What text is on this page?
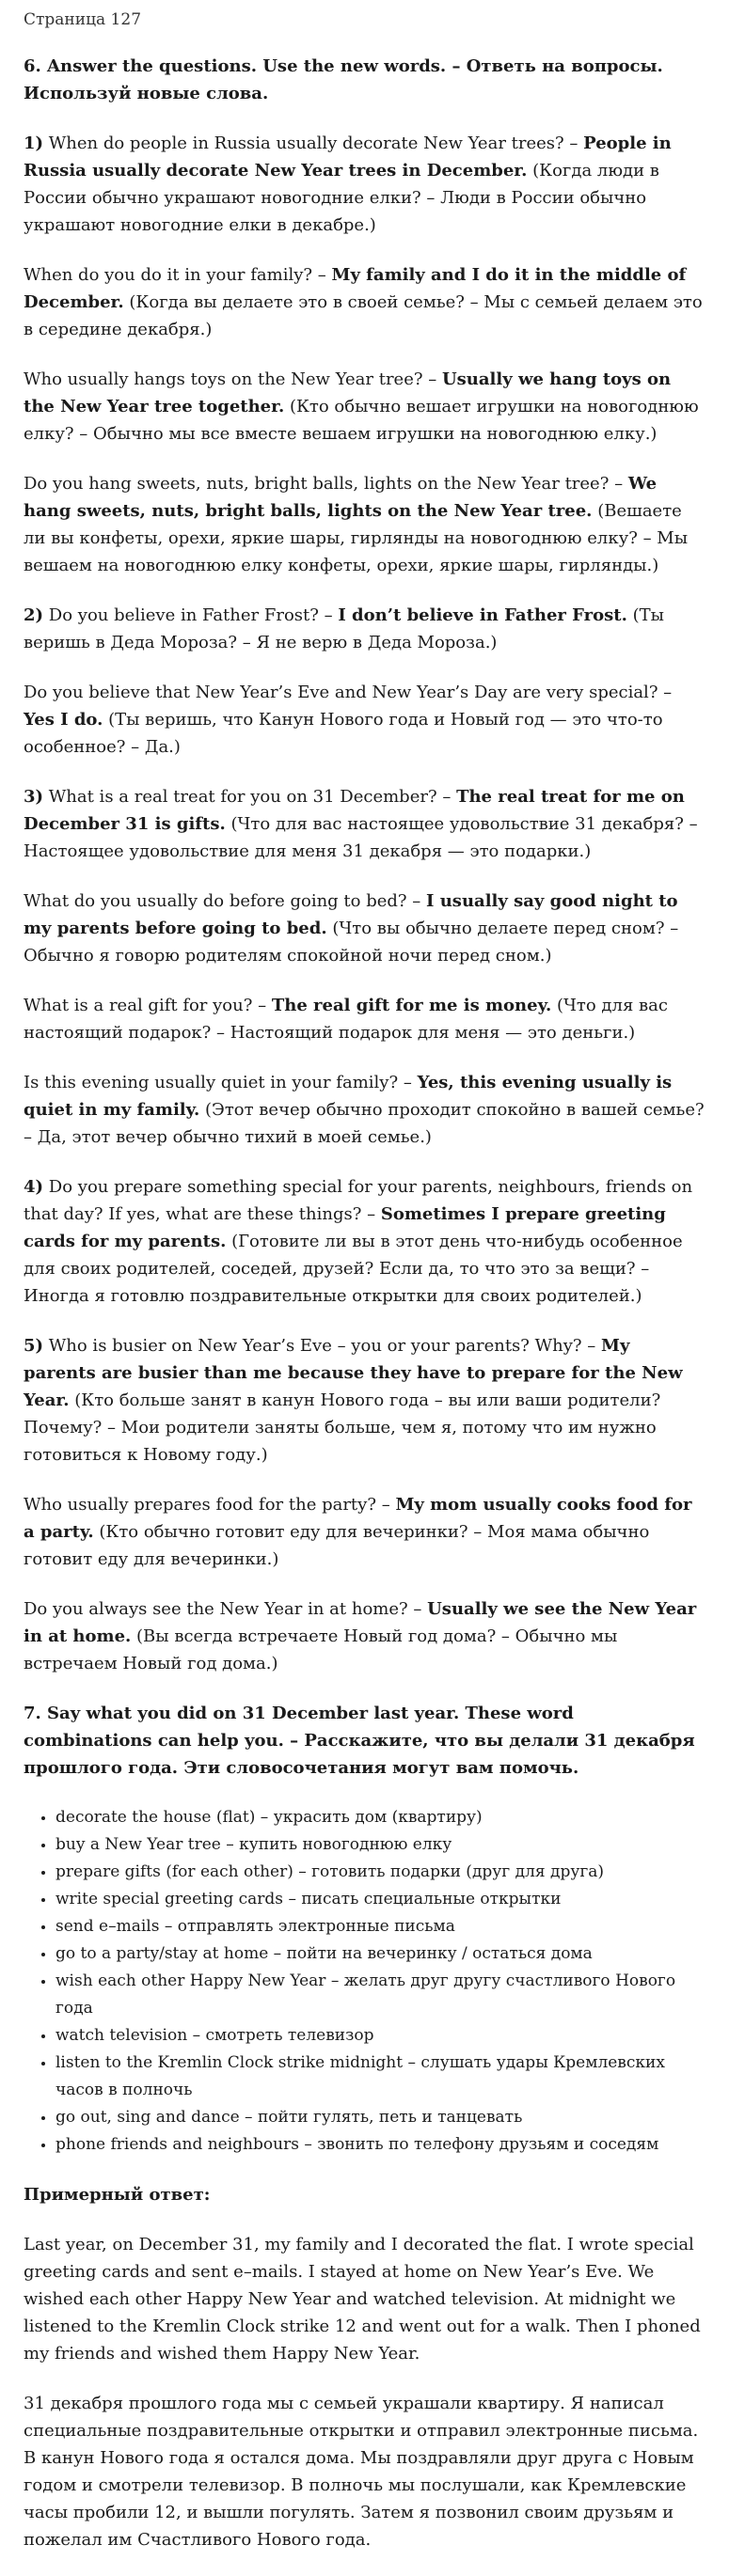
Страница 127

6. Answer the questions. Use the new words. – Ответь на вопросы. Используй новые слова.

1) When do people in Russia usually decorate New Year trees? – People in Russia usually decorate New Year trees in December. (Когда люди в России обычно украшают новогодние елки? – Люди в России обычно украшают новогодние елки в декабре.)

When do you do it in your family? – My family and I do it in the middle of December. (Когда вы делаете это в своей семье? – Мы с семьей делаем это в середине декабря.)

Who usually hangs toys on the New Year tree? – Usually we hang toys on the New Year tree together. (Кто обычно вешает игрушки на новогоднюю елку? – Обычно мы все вместе вешаем игрушки на новогоднюю елку.)

Do you hang sweets, nuts, bright balls, lights on the New Year tree? – We hang sweets, nuts, bright balls, lights on the New Year tree. (Вешаете ли вы конфеты, орехи, яркие шары, гирлянды на новогоднюю елку? – Мы вешаем на новогоднюю елку конфеты, орехи, яркие шары, гирлянды.)

2) Do you believe in Father Frost? – I don’t believe in Father Frost. (Ты веришь в Деда Мороза? – Я не верю в Деда Мороза.)

Do you believe that New Year’s Eve and New Year’s Day are very special? – Yes I do. (Ты веришь, что Канун Нового года и Новый год — это что-то особенное? – Да.)

3) What is a real treat for you on 31 December? – The real treat for me on December 31 is gifts. (Что для вас настоящее удовольствие 31 декабря? – Настоящее удовольствие для меня 31 декабря — это подарки.)

What do you usually do before going to bed? – I usually say good night to my parents before going to bed. (Что вы обычно делаете перед сном? – Обычно я говорю родителям спокойной ночи перед сном.)

What is a real gift for you? – The real gift for me is money. (Что для вас настоящий подарок? – Настоящий подарок для меня — это деньги.)

Is this evening usually quiet in your family? – Yes, this evening usually is quiet in my family. (Этот вечер обычно проходит спокойно в вашей семье? – Да, этот вечер обычно тихий в моей семье.)

4) Do you prepare something special for your parents, neighbours, friends on that day? If yes, what are these things? – Sometimes I prepare greeting cards for my parents. (Готовите ли вы в этот день что-нибудь особенное для своих родителей, соседей, друзей? Если да, то что это за вещи? – Иногда я готовлю поздравительные открытки для своих родителей.)

5) Who is busier on New Year’s Eve – you or your parents? Why? – My parents are busier than me because they have to prepare for the New Year. (Кто больше занят в канун Нового года – вы или ваши родители? Почему? – Мои родители заняты больше, чем я, потому что им нужно готовиться к Новому году.)

Who usually prepares food for the party? – My mom usually cooks food for a party. (Кто обычно готовит еду для вечеринки? – Моя мама обычно готовит еду для вечеринки.)

Do you always see the New Year in at home? – Usually we see the New Year in at home. (Вы всегда встречаете Новый год дома? – Обычно мы встречаем Новый год дома.)

7. Say what you did on 31 December last year. These word combinations can help you. – Расскажите, что вы делали 31 декабря прошлого года. Эти словосочетания могут вам помочь.

• decorate the house (flat) – украсить дом (квартиру)
• buy a New Year tree – купить новогоднюю елку
• prepare gifts (for each other) – готовить подарки (друг для друга)
• write special greeting cards – писать специальные открытки
• send e–mails – отправлять электронные письма
• go to a party/stay at home – пойти на вечеринку / остаться дома
• wish each other Happy New Year – желать друг другу счастливого Нового года
• watch television – смотреть телевизор
• listen to the Kremlin Clock strike midnight – слушать удары Кремлевских часов в полночь
• go out, sing and dance – пойти гулять, петь и танцевать
• phone friends and neighbours – звонить по телефону друзьям и соседям

Примерный ответ:

Last year, on December 31, my family and I decorated the flat. I wrote special greeting cards and sent e–mails. I stayed at home on New Year’s Eve. We wished each other Happy New Year and watched television. At midnight we listened to the Kremlin Clock strike 12 and went out for a walk. Then I phoned my friends and wished them Happy New Year.

31 декабря прошлого года мы с семьей украшали квартиру. Я написал специальные поздравительные открытки и отправил электронные письма. В канун Нового года я остался дома. Мы поздравляли друг друга с Новым годом и смотрели телевизор. В полночь мы послушали, как Кремлевские часы пробили 12, и вышли погулять. Затем я позвонил своим друзьям и пожелал им Счастливого Нового года.
